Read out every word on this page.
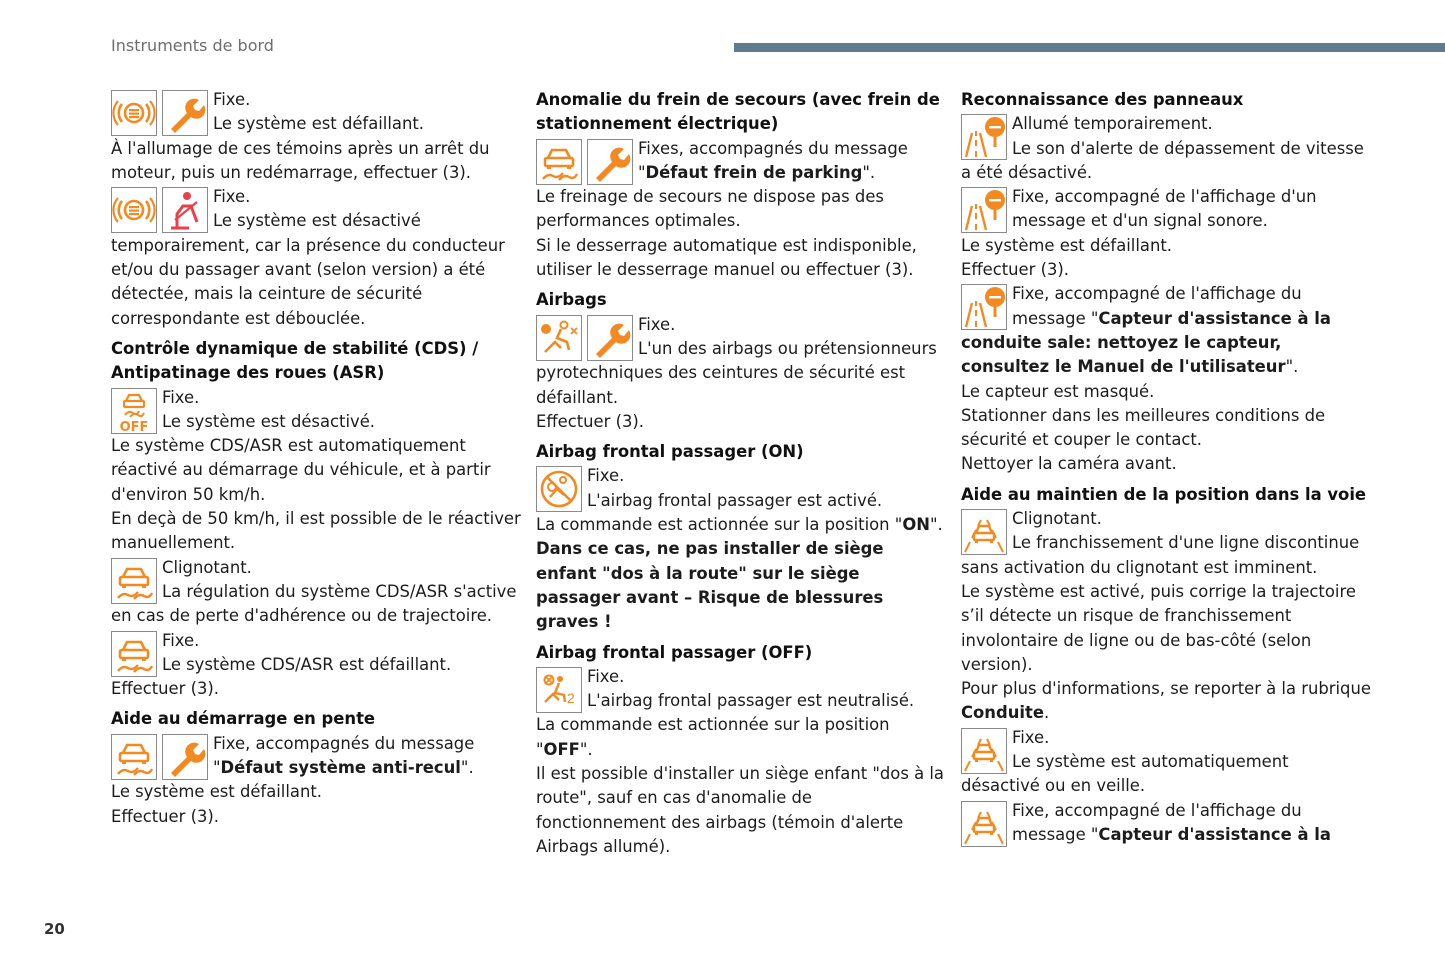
Instruments de bord

Fixe.

Le système est défaillant.

À l'allumage de ces témoins après un arrêt du moteur, puis un redémarrage, effectuer (3).

Fixe.

Le système est désactivé temporairement, car la présence du conducteur et/ou du passager avant (selon version) a été détectée, mais la ceinture de sécurité correspondante est débouclée.

Contrôle dynamique de stabilité (CDS) / Antipatinage des roues (ASR)
OFF

Fixe.

Le système est désactivé.

Le système CDS/ASR est automatiquement réactivé au démarrage du véhicule, et à partir d'environ 50 km/h.

En deçà de 50 km/h, il est possible de le réactiver manuellement.

Clignotant.

La régulation du système CDS/ASR s'active en cas de perte d'adhérence ou de trajectoire.

Fixe.

Le système CDS/ASR est défaillant.

Effectuer (3).

Aide au démarrage en pente

Fixe, accompagnés du message "Défaut système anti-recul".

Le système est défaillant.

Effectuer (3).

Anomalie du frein de secours (avec frein de stationnement électrique)

Fixes, accompagnés du message "Défaut frein de parking".

Le freinage de secours ne dispose pas des performances optimales.

Si le desserrage automatique est indisponible, utiliser le desserrage manuel ou effectuer (3).

Airbags

Fixe.

L'un des airbags ou prétensionneurs pyrotechniques des ceintures de sécurité est défaillant.

Effectuer (3).

Airbag frontal passager (ON)

Fixe.

L'airbag frontal passager est activé.

La commande est actionnée sur la position "ON".

Dans ce cas, ne pas installer de siège enfant "dos à la route" sur le siège passager avant – Risque de blessures graves !

Airbag frontal passager (OFF)

Fixe.

L'airbag frontal passager est neutralisé.

La commande est actionnée sur la position "OFF".

Il est possible d'installer un siège enfant "dos à la route", sauf en cas d'anomalie de fonctionnement des airbags (témoin d'alerte Airbags allumé).

Reconnaissance des panneaux

Allumé temporairement.

Le son d'alerte de dépassement de vitesse a été désactivé.

Fixe, accompagné de l'affichage d'un message et d'un signal sonore.

Le système est défaillant.

Effectuer (3).

Fixe, accompagné de l'affichage du message "Capteur d'assistance à la conduite sale: nettoyez le capteur, consultez le Manuel de l'utilisateur".

Le capteur est masqué.

Stationner dans les meilleures conditions de sécurité et couper le contact.

Nettoyer la caméra avant.

Aide au maintien de la position dans la voie

Clignotant.

Le franchissement d'une ligne discontinue sans activation du clignotant est imminent.

Le système est activé, puis corrige la trajectoire s’il détecte un risque de franchissement involontaire de ligne ou de bas-côté (selon version).

Pour plus d'informations, se reporter à la rubrique Conduite.

Fixe.

Le système est automatiquement désactivé ou en veille.

Fixe, accompagné de l'affichage du message "Capteur d'assistance à la

20
